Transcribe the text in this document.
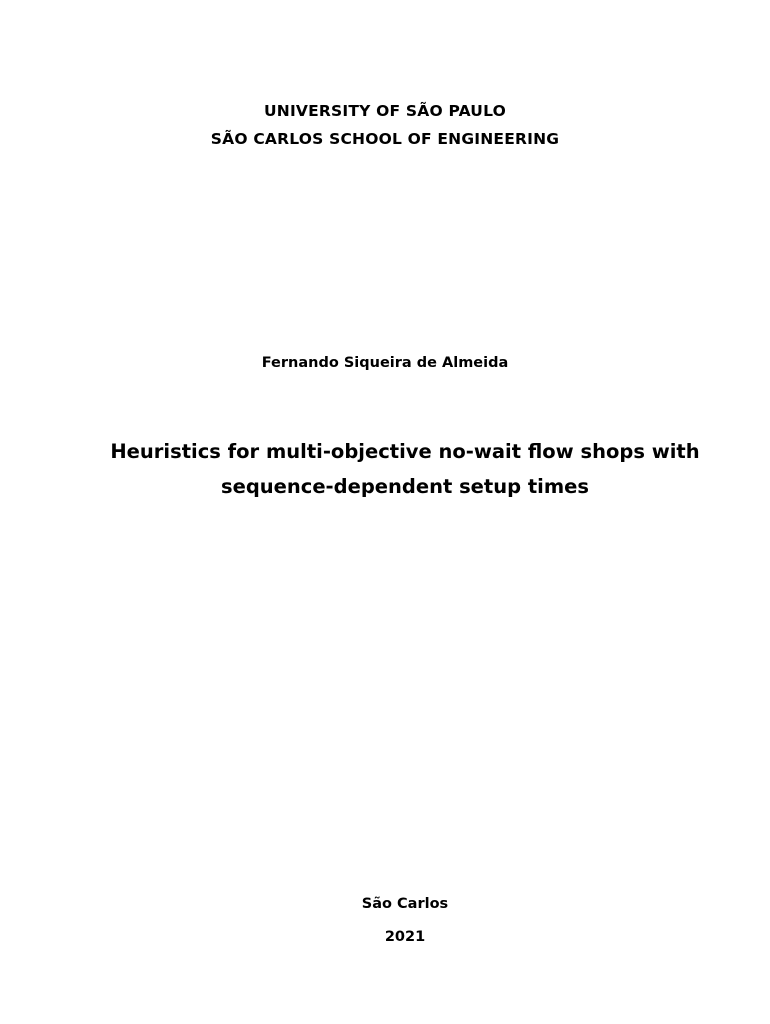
UNIVERSITY OF SÃO PAULO
SÃO CARLOS SCHOOL OF ENGINEERING
Fernando Siqueira de Almeida
Heuristics for multi-objective no-wait flow shops with
sequence-dependent setup times
São Carlos
2021
